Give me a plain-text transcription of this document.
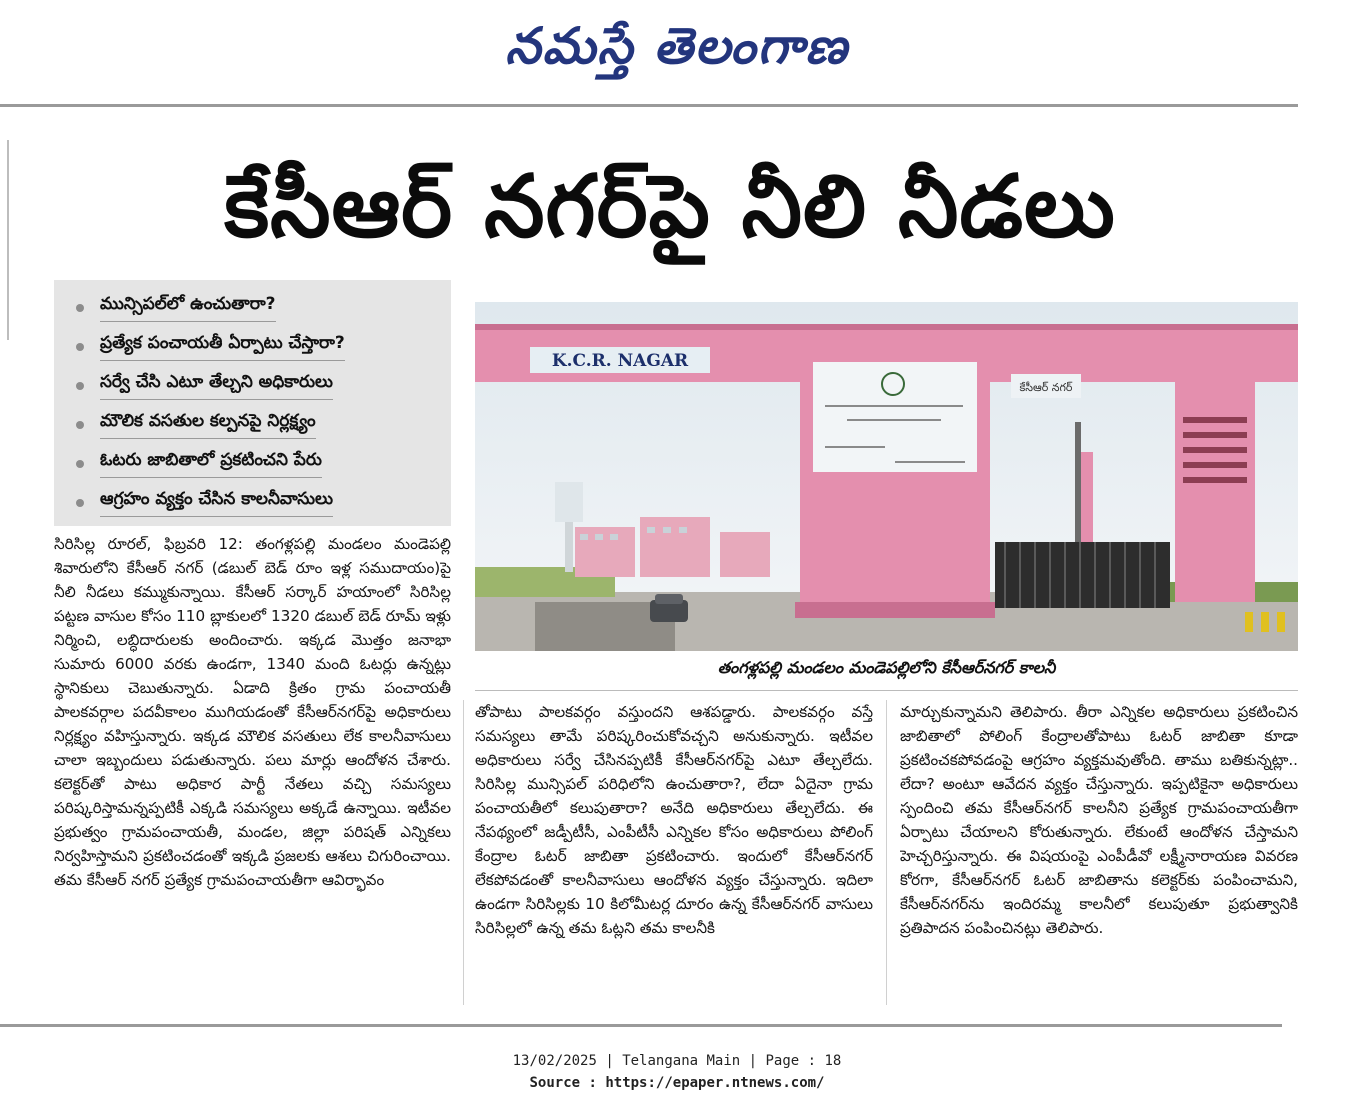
నమస్తే తెలంగాణ
కేసీఆర్ నగర్‌పై నీలి నీడలు
మున్సిపల్‌లో ఉంచుతారా?
ప్రత్యేక పంచాయతీ ఏర్పాటు చేస్తారా?
సర్వే చేసి ఎటూ తేల్చని అధికారులు
మౌలిక వసతుల కల్పనపై నిర్లక్ష్యం
ఓటరు జాబితాలో ప్రకటించని పేరు
ఆగ్రహం వ్యక్తం చేసిన కాలనీవాసులు
K.C.R. NAGAR
కేసీఆర్ నగర్
తంగళ్లపల్లి మండలం మండెపల్లిలోని కేసీఆర్‌నగర్ కాలనీ
సిరిసిల్ల రూరల్, ఫిబ్రవరి 12: తంగళ్లపల్లి మండలం మండెపల్లి శివారులోని కేసీఆర్ నగర్ (డబుల్ బెడ్ రూం ఇళ్ల సముదాయం)పై నీలి నీడలు కమ్ముకున్నాయి. కేసీఆర్ సర్కార్ హయాంలో సిరిసిల్ల పట్టణ వాసుల కోసం 110 బ్లాకులలో 1320 డబుల్ బెడ్ రూమ్ ఇళ్లు నిర్మించి, లబ్ధిదారులకు అందించారు. ఇక్కడ మొత్తం జనాభా సుమారు 6000 వరకు ఉండగా, 1340 మంది ఓటర్లు ఉన్నట్లు స్థానికులు చెబుతున్నారు. ఏడాది క్రితం గ్రామ పంచాయతీ పాలకవర్గాల పదవీకాలం ముగియడంతో కేసీఆర్‌నగర్‌పై అధికారులు నిర్లక్ష్యం వహిస్తున్నారు. ఇక్కడ మౌలిక వసతులు లేక కాలనీవాసులు చాలా ఇబ్బందులు పడుతున్నారు. పలు మార్లు ఆందోళన చేశారు. కలెక్టర్‌తో పాటు అధికార పార్టీ నేతలు వచ్చి సమస్యలు పరిష్కరిస్తామన్నప్పటికీ ఎక్కడి సమస్యలు అక్కడే ఉన్నాయి. ఇటీవల ప్రభుత్వం గ్రామపంచాయతీ, మండల, జిల్లా పరిషత్ ఎన్నికలు నిర్వహిస్తామని ప్రకటించడంతో ఇక్కడి ప్రజలకు ఆశలు చిగురించాయి. తమ కేసీఆర్ నగర్ ప్రత్యేక గ్రామపంచాయతీగా ఆవిర్భావం
తోపాటు పాలకవర్గం వస్తుందని ఆశపడ్డారు. పాలకవర్గం వస్తే సమస్యలు తామే పరిష్కరించుకోవచ్చని అనుకున్నారు. ఇటీవల అధికారులు సర్వే చేసినప్పటికీ కేసీఆర్‌నగర్‌పై ఎటూ తేల్చలేదు. సిరిసిల్ల మున్సిపల్ పరిధిలోని ఉంచుతారా?, లేదా ఏదైనా గ్రామ పంచాయతీలో కలుపుతారా? అనేది అధికారులు తేల్చలేదు. ఈ నేపథ్యంలో జడ్పీటీసీ, ఎంపీటీసీ ఎన్నికల కోసం అధికారులు పోలింగ్ కేంద్రాల ఓటర్ జాబితా ప్రకటించారు. ఇందులో కేసీఆర్‌నగర్ లేకపోవడంతో కాలనీవాసులు ఆందోళన వ్యక్తం చేస్తున్నారు. ఇదిలా ఉండగా సిరిసిల్లకు 10 కిలోమీటర్ల దూరం ఉన్న కేసీఆర్‌నగర్ వాసులు సిరిసిల్లలో ఉన్న తమ ఓట్లని తమ కాలనీకి
మార్చుకున్నామని తెలిపారు. తీరా ఎన్నికల అధికారులు ప్రకటించిన జాబితాలో పోలింగ్ కేంద్రాలతోపాటు ఓటర్ జాబితా కూడా ప్రకటించకపోవడంపై ఆగ్రహం వ్యక్తమవుతోంది. తాము బతికున్నట్లా.. లేదా? అంటూ ఆవేదన వ్యక్తం చేస్తున్నారు. ఇప్పటికైనా అధికారులు స్పందించి తమ కేసీఆర్‌నగర్ కాలనీని ప్రత్యేక గ్రామపంచాయతీగా ఏర్పాటు చేయాలని కోరుతున్నారు. లేకుంటే ఆందోళన చేస్తామని హెచ్చరిస్తున్నారు. ఈ విషయంపై ఎంపీడీవో లక్ష్మీనారాయణ వివరణ కోరగా, కేసీఆర్‌నగర్ ఓటర్ జాబితాను కలెక్టర్‌కు పంపించామని, కేసీఆర్‌నగర్‌ను ఇందిరమ్మ కాలనీలో కలుపుతూ ప్రభుత్వానికి ప్రతిపాదన పంపించినట్లు తెలిపారు.
13/02/2025 | Telangana Main | Page : 18
Source : https://epaper.ntnews.com/
